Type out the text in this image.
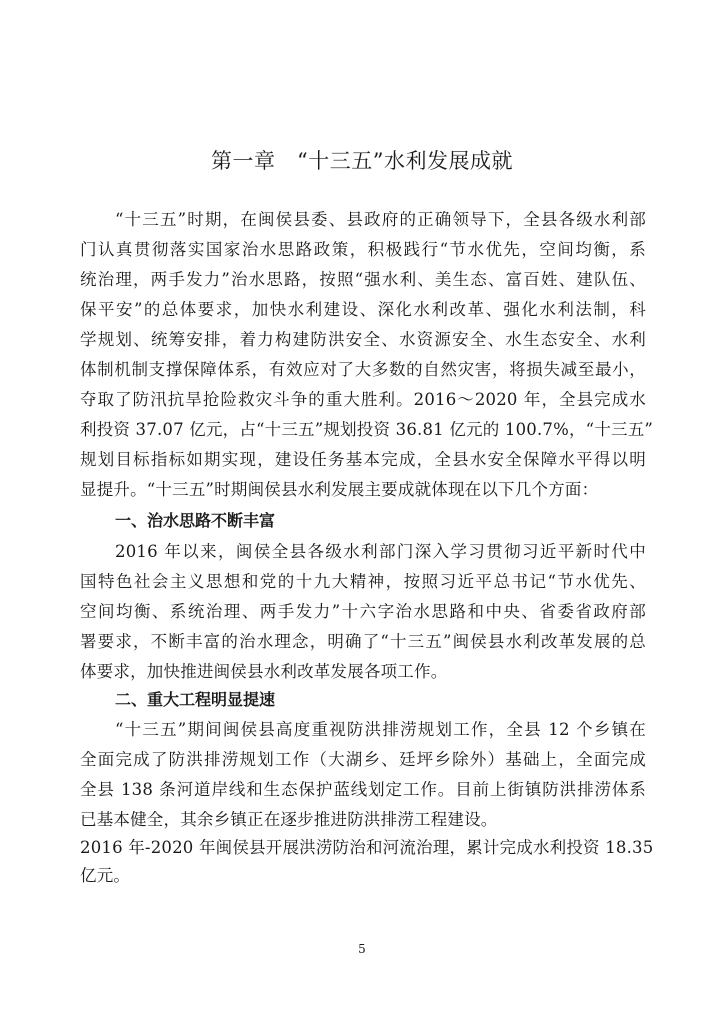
第一章　“十三五”水利发展成就
“十三五”时期，在闽侯县委、县政府的正确领导下，全县各级水利部
门认真贯彻落实国家治水思路政策，积极践行“节水优先，空间均衡，系
统治理，两手发力”治水思路，按照“强水利、美生态、富百姓、建队伍、
保平安”的总体要求，加快水利建设、深化水利改革、强化水利法制，科
学规划、统筹安排，着力构建防洪安全、水资源安全、水生态安全、水利
体制机制支撑保障体系，有效应对了大多数的自然灾害，将损失减至最小，
夺取了防汛抗旱抢险救灾斗争的重大胜利。2016～2020 年，全县完成水
利投资 37.07 亿元，占“十三五”规划投资 36.81 亿元的 100.7%，“十三五”
规划目标指标如期实现，建设任务基本完成，全县水安全保障水平得以明
显提升。“十三五”时期闽侯县水利发展主要成就体现在以下几个方面：
一、治水思路不断丰富
2016 年以来，闽侯全县各级水利部门深入学习贯彻习近平新时代中
国特色社会主义思想和党的十九大精神，按照习近平总书记“节水优先、
空间均衡、系统治理、两手发力”十六字治水思路和中央、省委省政府部
署要求，不断丰富的治水理念，明确了“十三五”闽侯县水利改革发展的总
体要求，加快推进闽侯县水利改革发展各项工作。
二、重大工程明显提速
“十三五”期间闽侯县高度重视防洪排涝规划工作，全县 12 个乡镇在
全面完成了防洪排涝规划工作（大湖乡、廷坪乡除外）基础上，全面完成
全县 138 条河道岸线和生态保护蓝线划定工作。目前上街镇防洪排涝体系
已基本健全，其余乡镇正在逐步推进防洪排涝工程建设。
2016 年-2020 年闽侯县开展洪涝防治和河流治理，累计完成水利投资 18.35
亿元。
5
